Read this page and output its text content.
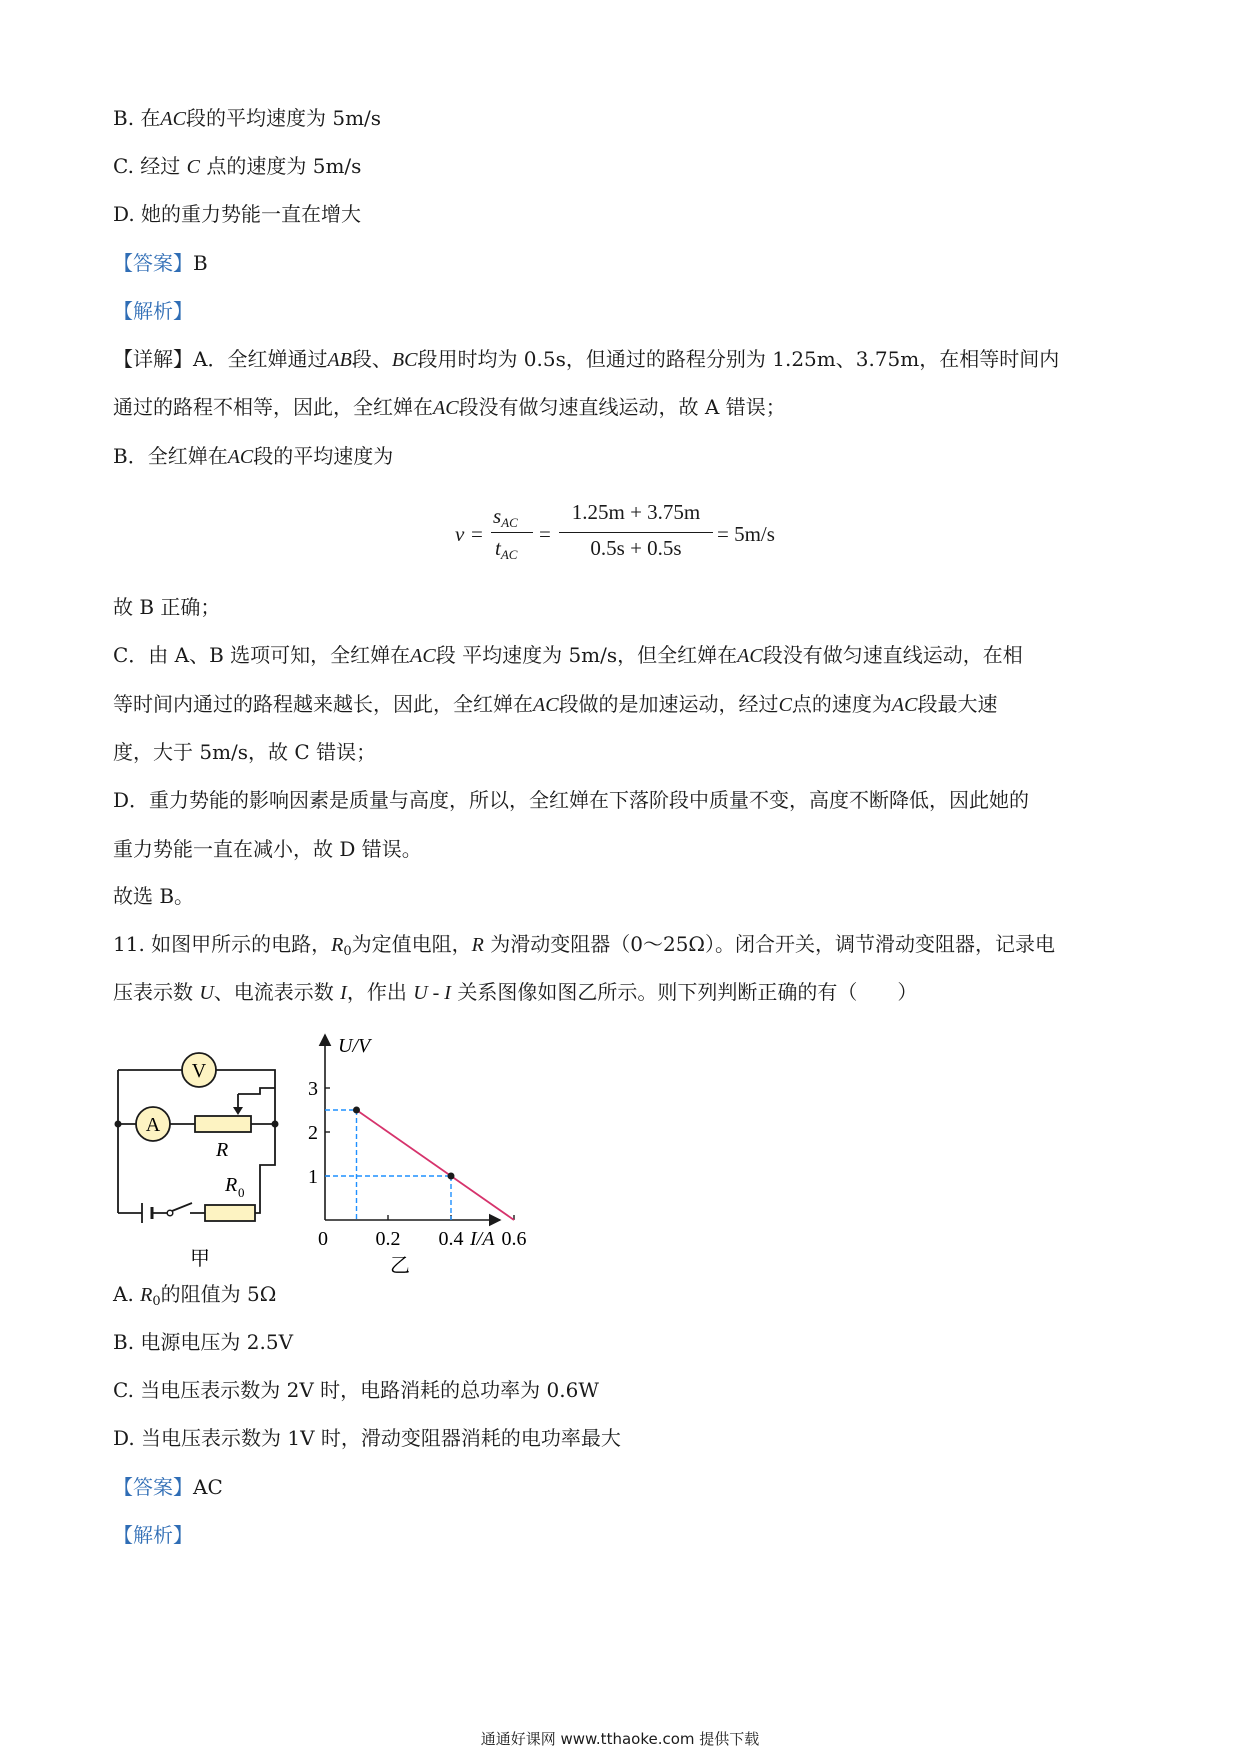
B. 在AC段的平均速度为 5m/s
C. 经过 C 点的速度为 5m/s
D. 她的重力势能一直在增大
【答案】B
【解析】
【详解】A．全红婵通过AB段、BC段用时均为 0.5s，但通过的路程分别为 1.25m、3.75m，在相等时间内
通过的路程不相等，因此，全红婵在AC段没有做匀速直线运动，故 A 错误；
B．全红婵在AC段的平均速度为
v =
$s_{AC}$
$t_{AC}$
=
1.25m + 3.75m
0.5s + 0.5s
= 5m/s
故 B 正确；
C．由 A、B 选项可知，全红婵在AC段 平均速度为 5m/s，但全红婵在AC段没有做匀速直线运动，在相
等时间内通过的路程越来越长，因此，全红婵在AC段做的是加速运动，经过C点的速度为AC段最大速
度，大于 5m/s，故 C 错误；
D．重力势能的影响因素是质量与高度，所以，全红婵在下落阶段中质量不变，高度不断降低，因此她的
重力势能一直在减小，故 D 错误。
故选 B。
11. 如图甲所示的电路，$R_0$为定值电阻，R 为滑动变阻器（0～25Ω）。闭合开关，调节滑动变阻器，记录电
压表示数 U、电流表示数 I，作出 U - I 关系图像如图乙所示。则下列判断正确的有（　　）
V
A
R
R 0
甲
U/V
I/A
0 0.2 0.4 0.6
1
2
3
乙
A. $R_0$的阻值为 5Ω
B. 电源电压为 2.5V
C. 当电压表示数为 2V 时，电路消耗的总功率为 0.6W
D. 当电压表示数为 1V 时，滑动变阻器消耗的电功率最大
【答案】AC
【解析】
通通好课网 www.tthaoke.com 提供下载
